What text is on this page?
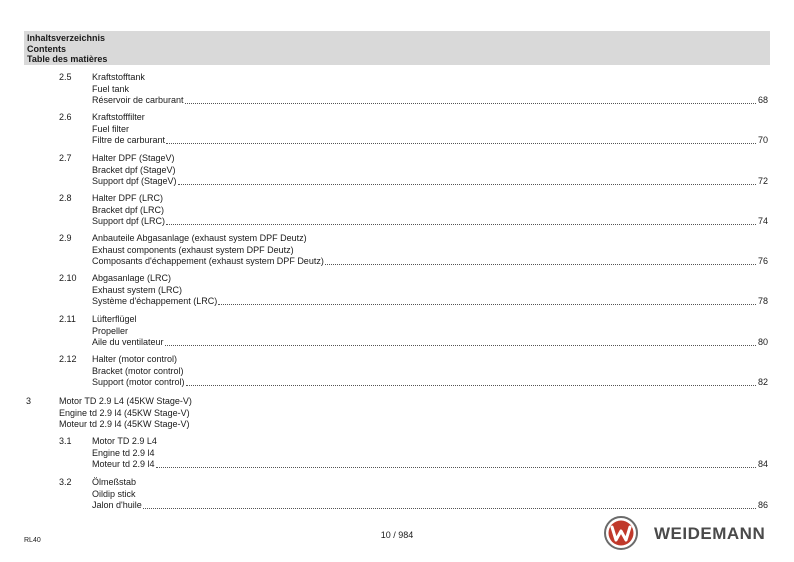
Inhaltsverzeichnis
Contents
Table des matières
2.5 Kraftstofftank
Fuel tank
Réservoir de carburant	68
2.6 Kraftstofffilter
Fuel filter
Filtre de carburant	70
2.7 Halter DPF (StageV)
Bracket dpf (StageV)
Support dpf (StageV)	72
2.8 Halter DPF (LRC)
Bracket dpf (LRC)
Support dpf (LRC)	74
2.9 Anbauteile Abgasanlage (exhaust system DPF Deutz)
Exhaust components (exhaust system DPF Deutz)
Composants d'échappement (exhaust system DPF Deutz)	76
2.10 Abgasanlage (LRC)
Exhaust system (LRC)
Système d'échappement (LRC)	78
2.11 Lüfterflügel
Propeller
Aile du ventilateur	80
2.12 Halter (motor control)
Bracket (motor control)
Support (motor control)	82
3	Motor TD 2.9 L4 (45KW Stage-V)
Engine td 2.9 l4 (45KW Stage-V)
Moteur td 2.9 l4 (45KW Stage-V)
3.1 Motor TD 2.9 L4
Engine td 2.9 l4
Moteur td 2.9 l4	84
3.2 Ölmeßstab
Oildip stick
Jalon d'huile	86
RL40
10 / 984	WEIDEMANN
